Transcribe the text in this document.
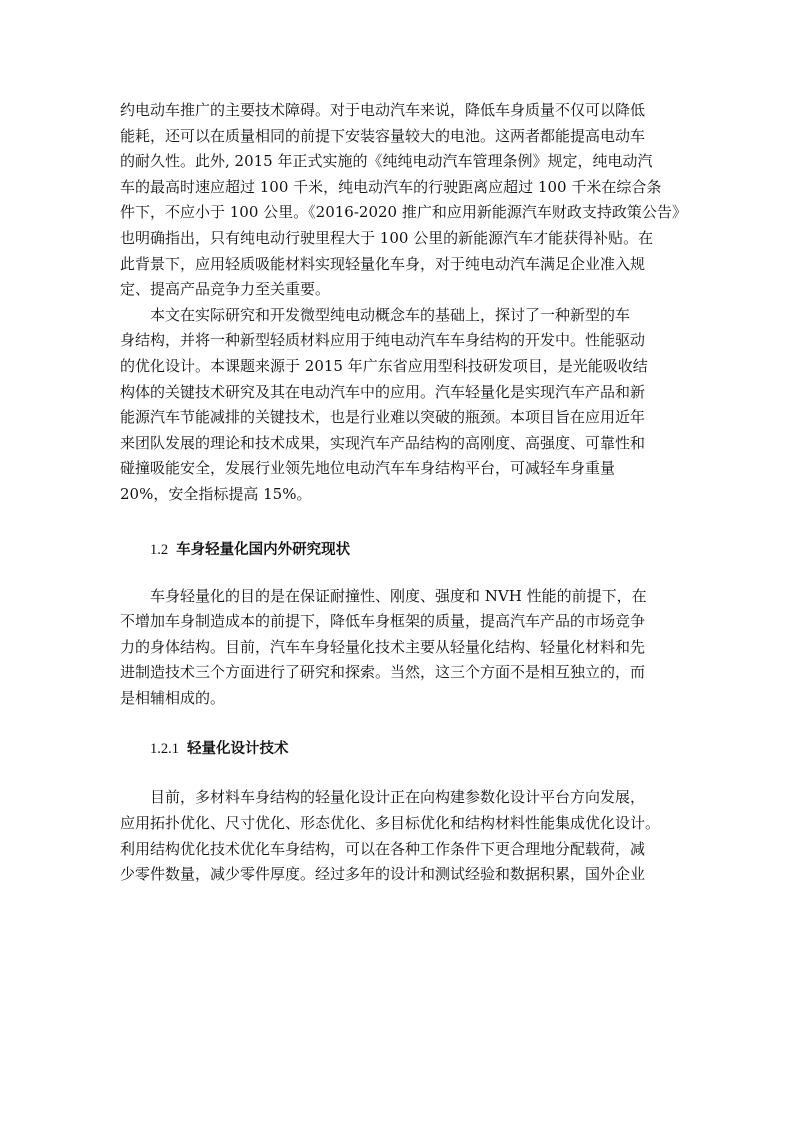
约电动车推广的主要技术障碍。对于电动汽车来说，降低车身质量不仅可以降低
能耗，还可以在质量相同的前提下安装容量较大的电池。这两者都能提高电动车
的耐久性。此外, 2015 年正式实施的《纯纯电动汽车管理条例》规定，纯电动汽
车的最高时速应超过 100 千米，纯电动汽车的行驶距离应超过 100 千米在综合条
件下，不应小于 100 公里。《2016-2020 推广和应用新能源汽车财政支持政策公告》
也明确指出，只有纯电动行驶里程大于 100 公里的新能源汽车才能获得补贴。在
此背景下，应用轻质吸能材料实现轻量化车身，对于纯电动汽车满足企业准入规
定、提高产品竞争力至关重要。

本文在实际研究和开发微型纯电动概念车的基础上，探讨了一种新型的车
身结构，并将一种新型轻质材料应用于纯电动汽车车身结构的开发中。性能驱动
的优化设计。本课题来源于 2015 年广东省应用型科技研发项目，是光能吸收结
构体的关键技术研究及其在电动汽车中的应用。汽车轻量化是实现汽车产品和新
能源汽车节能减排的关键技术，也是行业难以突破的瓶颈。本项目旨在应用近年
来团队发展的理论和技术成果，实现汽车产品结构的高刚度、高强度、可靠性和
碰撞吸能安全，发展行业领先地位电动汽车车身结构平台，可减轻车身重量
20%，安全指标提高 15%。

1.2 车身轻量化国内外研究现状

车身轻量化的目的是在保证耐撞性、刚度、强度和 NVH 性能的前提下，在
不增加车身制造成本的前提下，降低车身框架的质量，提高汽车产品的市场竞争
力的身体结构。目前，汽车车身轻量化技术主要从轻量化结构、轻量化材料和先
进制造技术三个方面进行了研究和探索。当然，这三个方面不是相互独立的，而
是相辅相成的。

1.2.1 轻量化设计技术

目前，多材料车身结构的轻量化设计正在向构建参数化设计平台方向发展，
应用拓扑优化、尺寸优化、形态优化、多目标优化和结构材料性能集成优化设计。
利用结构优化技术优化车身结构，可以在各种工作条件下更合理地分配载荷，减
少零件数量，减少零件厚度。经过多年的设计和测试经验和数据积累，国外企业
